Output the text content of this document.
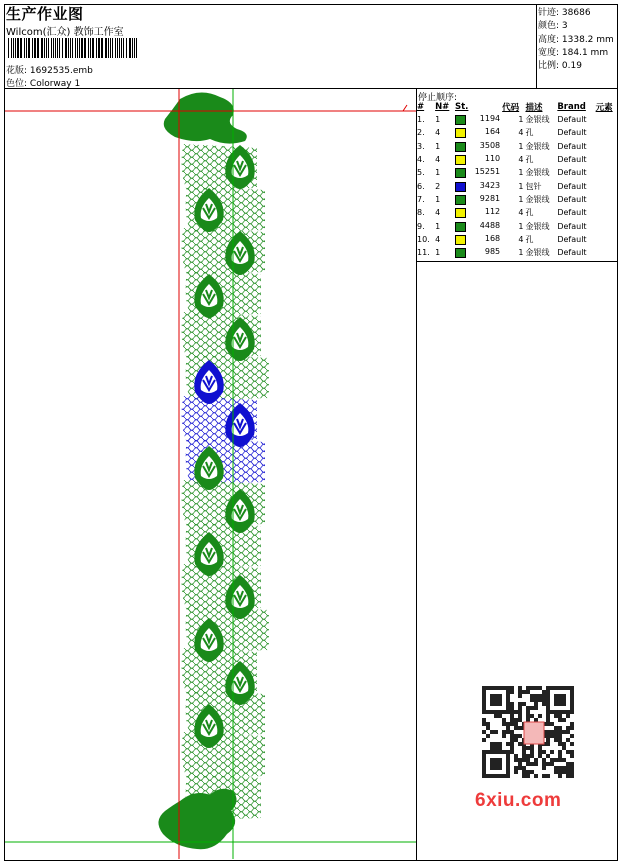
生产作业图
Wilcom(汇众) 教饰工作室
花版: 1692535.emb
色位: Colorway 1
针迹: 38686
颜色: 3
高度: 1338.2 mm
宽度: 184.1 mm
比例: 0.19
停止顺序:
#	N#	St.	代码	描述	Brand	元素
1.	1	1194	1	金银线	Default	
2.	4	164	4	孔	Default	
3.	1	3508	1	金银线	Default	
4.	4	110	4	孔	Default	
5.	1	15251	1	金银线	Default	
6.	2	3423	1	包针	Default	
7.	1	9281	1	金银线	Default	
8.	4	112	4	孔	Default	
9.	1	4488	1	金银线	Default	
10.	4	168	4	孔	Default	
11.	1	985	1	金银线	Default	
6xiu.com
